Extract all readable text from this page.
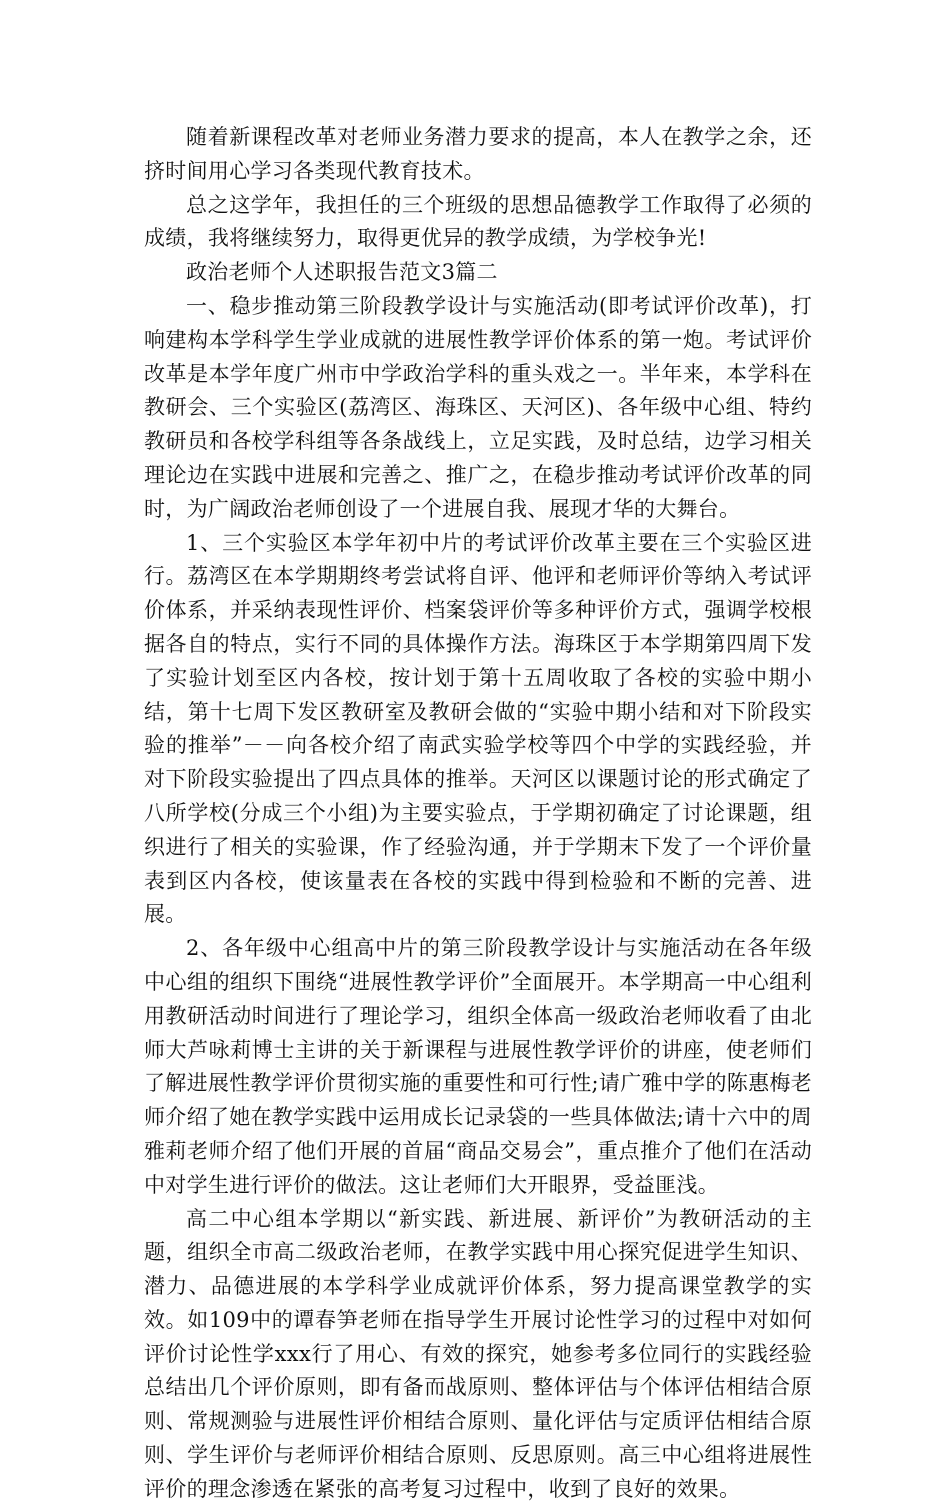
随着新课程改革对老师业务潜力要求的提高，本人在教学之余，还挤时间用心学习各类现代教育技术。

总之这学年，我担任的三个班级的思想品德教学工作取得了必须的成绩，我将继续努力，取得更优异的教学成绩，为学校争光!

政治老师个人述职报告范文3篇二

一、稳步推动第三阶段教学设计与实施活动(即考试评价改革)，打响建构本学科学生学业成就的进展性教学评价体系的第一炮。考试评价改革是本学年度广州市中学政治学科的重头戏之一。半年来，本学科在教研会、三个实验区(荔湾区、海珠区、天河区)、各年级中心组、特约教研员和各校学科组等各条战线上，立足实践，及时总结，边学习相关理论边在实践中进展和完善之、推广之，在稳步推动考试评价改革的同时，为广阔政治老师创设了一个进展自我、展现才华的大舞台。

1、三个实验区本学年初中片的考试评价改革主要在三个实验区进行。荔湾区在本学期期终考尝试将自评、他评和老师评价等纳入考试评价体系，并采纳表现性评价、档案袋评价等多种评价方式，强调学校根据各自的特点，实行不同的具体操作方法。海珠区于本学期第四周下发了实验计划至区内各校，按计划于第十五周收取了各校的实验中期小结，第十七周下发区教研室及教研会做的“实验中期小结和对下阶段实验的推举”－－向各校介绍了南武实验学校等四个中学的实践经验，并对下阶段实验提出了四点具体的推举。天河区以课题讨论的形式确定了八所学校(分成三个小组)为主要实验点，于学期初确定了讨论课题，组织进行了相关的实验课，作了经验沟通，并于学期末下发了一个评价量表到区内各校，使该量表在各校的实践中得到检验和不断的完善、进展。

2、各年级中心组高中片的第三阶段教学设计与实施活动在各年级中心组的组织下围绕“进展性教学评价”全面展开。本学期高一中心组利用教研活动时间进行了理论学习，组织全体高一级政治老师收看了由北师大芦咏莉博士主讲的关于新课程与进展性教学评价的讲座，使老师们了解进展性教学评价贯彻实施的重要性和可行性;请广雅中学的陈惠梅老师介绍了她在教学实践中运用成长记录袋的一些具体做法;请十六中的周雅莉老师介绍了他们开展的首届“商品交易会”，重点推介了他们在活动中对学生进行评价的做法。这让老师们大开眼界，受益匪浅。

高二中心组本学期以“新实践、新进展、新评价”为教研活动的主题，组织全市高二级政治老师，在教学实践中用心探究促进学生知识、潜力、品德进展的本学科学业成就评价体系，努力提高课堂教学的实效。如109中的谭春笋老师在指导学生开展讨论性学习的过程中对如何评价讨论性学xxx行了用心、有效的探究，她参考多位同行的实践经验总结出几个评价原则，即有备而战原则、整体评估与个体评估相结合原则、常规测验与进展性评价相结合原则、量化评估与定质评估相结合原则、学生评价与老师评价相结合原则、反思原则。高三中心组将进展性评价的理念渗透在紧张的高考复习过程中，收到了良好的效果。
